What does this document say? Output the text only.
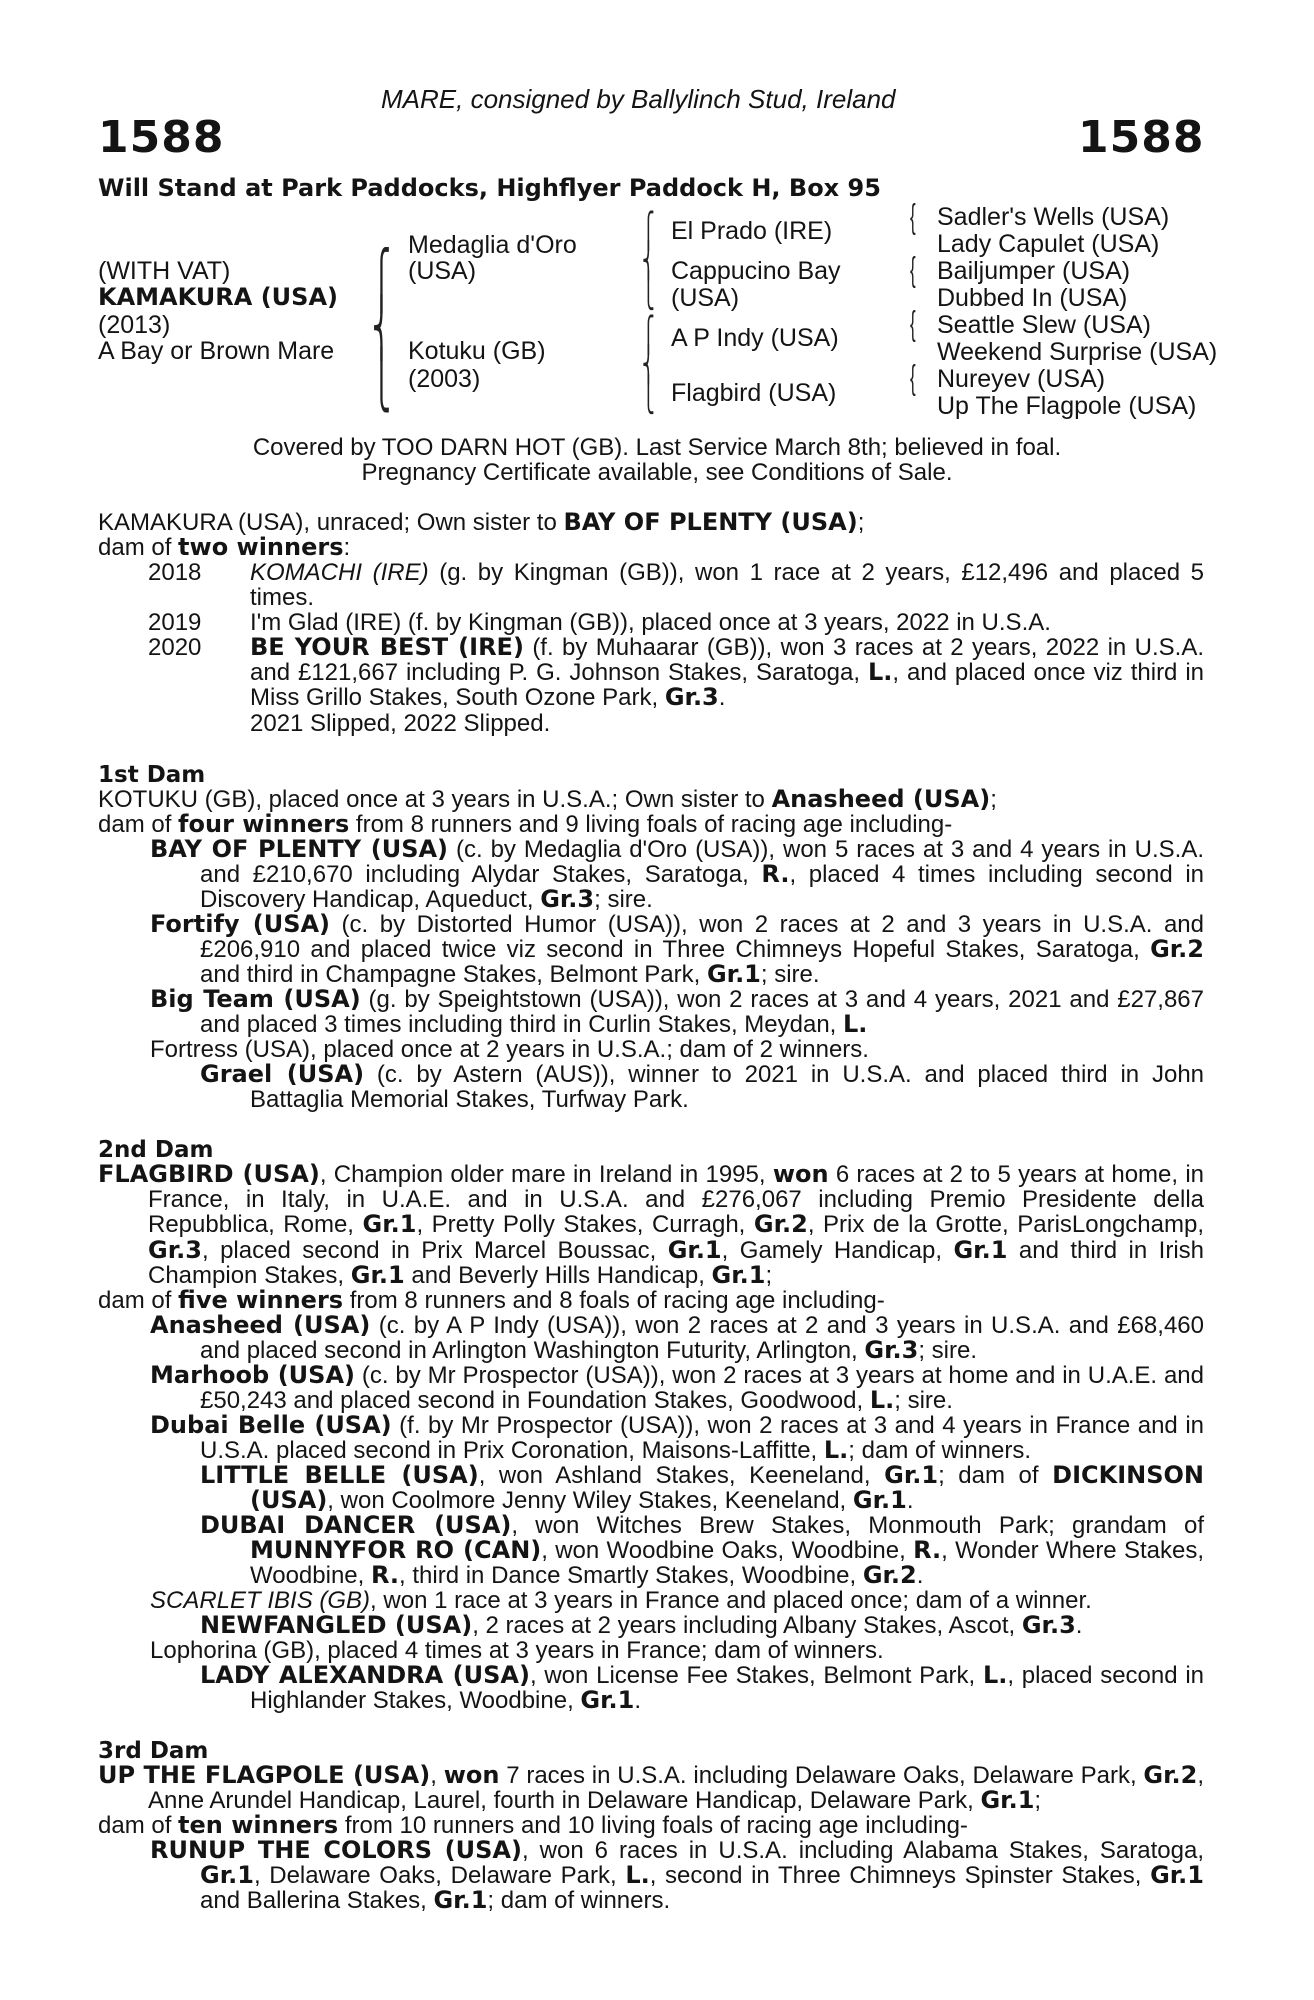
MARE, consigned by Ballylinch Stud, Ireland
1588	1588
Will Stand at Park Paddocks, Highflyer Paddock H, Box 95
(WITH VAT)
KAMAKURA (USA)
(2013)
A Bay or Brown Mare
⎧
⎨
⎩
Medaglia d'Oro
(USA)
Kotuku (GB)
(2003)
⎧
⎨
⎩
⎧
⎨
⎩
El Prado (IRE)
Cappucino Bay
(USA)
A P Indy (USA)
Flagbird (USA)
{
{
{
{
Sadler's Wells (USA)
Lady Capulet (USA)
Bailjumper (USA)
Dubbed In (USA)
Seattle Slew (USA)
Weekend Surprise (USA)
Nureyev (USA)
Up The Flagpole (USA)
Covered by TOO DARN HOT (GB). Last Service March 8th; believed in foal.
Pregnancy Certificate available, see Conditions of Sale.
KAMAKURA (USA), unraced; Own sister to BAY OF PLENTY (USA);
dam of two winners:
2018	KOMACHI (IRE) (g. by Kingman (GB)), won 1 race at 2 years, £12,496 and placed 5 times.
2019 I'm Glad (IRE) (f. by Kingman (GB)), placed once at 3 years, 2022 in U.S.A.
2020 BE YOUR BEST (IRE) (f. by Muhaarar (GB)), won 3 races at 2 years, 2022 in U.S.A. and £121,667 including P. G. Johnson Stakes, Saratoga, L., and placed once viz third in Miss Grillo Stakes, South Ozone Park, Gr.3.
2021 Slipped, 2022 Slipped.
1st Dam
KOTUKU (GB), placed once at 3 years in U.S.A.; Own sister to Anasheed (USA);
dam of four winners from 8 runners and 9 living foals of racing age including-
BAY OF PLENTY (USA) (c. by Medaglia d'Oro (USA)), won 5 races at 3 and 4 years in U.S.A. and £210,670 including Alydar Stakes, Saratoga, R., placed 4 times including second in Discovery Handicap, Aqueduct, Gr.3; sire.
Fortify (USA) (c. by Distorted Humor (USA)), won 2 races at 2 and 3 years in U.S.A. and £206,910 and placed twice viz second in Three Chimneys Hopeful Stakes, Saratoga, Gr.2 and third in Champagne Stakes, Belmont Park, Gr.1; sire.
Big Team (USA) (g. by Speightstown (USA)), won 2 races at 3 and 4 years, 2021 and £27,867 and placed 3 times including third in Curlin Stakes, Meydan, L.
Fortress (USA), placed once at 2 years in U.S.A.; dam of 2 winners.
Grael (USA) (c. by Astern (AUS)), winner to 2021 in U.S.A. and placed third in John Battaglia Memorial Stakes, Turfway Park.
2nd Dam
FLAGBIRD (USA), Champion older mare in Ireland in 1995, won 6 races at 2 to 5 years at home, in France, in Italy, in U.A.E. and in U.S.A. and £276,067 including Premio Presidente della Repubblica, Rome, Gr.1, Pretty Polly Stakes, Curragh, Gr.2, Prix de la Grotte, ParisLongchamp, Gr.3, placed second in Prix Marcel Boussac, Gr.1, Gamely Handicap, Gr.1 and third in Irish Champion Stakes, Gr.1 and Beverly Hills Handicap, Gr.1;
dam of five winners from 8 runners and 8 foals of racing age including-
Anasheed (USA) (c. by A P Indy (USA)), won 2 races at 2 and 3 years in U.S.A. and £68,460 and placed second in Arlington Washington Futurity, Arlington, Gr.3; sire.
Marhoob (USA) (c. by Mr Prospector (USA)), won 2 races at 3 years at home and in U.A.E. and £50,243 and placed second in Foundation Stakes, Goodwood, L.; sire.
Dubai Belle (USA) (f. by Mr Prospector (USA)), won 2 races at 3 and 4 years in France and in U.S.A. placed second in Prix Coronation, Maisons-Laffitte, L.; dam of winners.
LITTLE BELLE (USA), won Ashland Stakes, Keeneland, Gr.1; dam of DICKINSON (USA), won Coolmore Jenny Wiley Stakes, Keeneland, Gr.1.
DUBAI DANCER (USA), won Witches Brew Stakes, Monmouth Park; grandam of MUNNYFOR RO (CAN), won Woodbine Oaks, Woodbine, R., Wonder Where Stakes, Woodbine, R., third in Dance Smartly Stakes, Woodbine, Gr.2.
SCARLET IBIS (GB), won 1 race at 3 years in France and placed once; dam of a winner.
NEWFANGLED (USA), 2 races at 2 years including Albany Stakes, Ascot, Gr.3.
Lophorina (GB), placed 4 times at 3 years in France; dam of winners.
LADY ALEXANDRA (USA), won License Fee Stakes, Belmont Park, L., placed second in Highlander Stakes, Woodbine, Gr.1.
3rd Dam
UP THE FLAGPOLE (USA), won 7 races in U.S.A. including Delaware Oaks, Delaware Park, Gr.2, Anne Arundel Handicap, Laurel, fourth in Delaware Handicap, Delaware Park, Gr.1;
dam of ten winners from 10 runners and 10 living foals of racing age including-
RUNUP THE COLORS (USA), won 6 races in U.S.A. including Alabama Stakes, Saratoga, Gr.1, Delaware Oaks, Delaware Park, L., second in Three Chimneys Spinster Stakes, Gr.1 and Ballerina Stakes, Gr.1; dam of winners.
